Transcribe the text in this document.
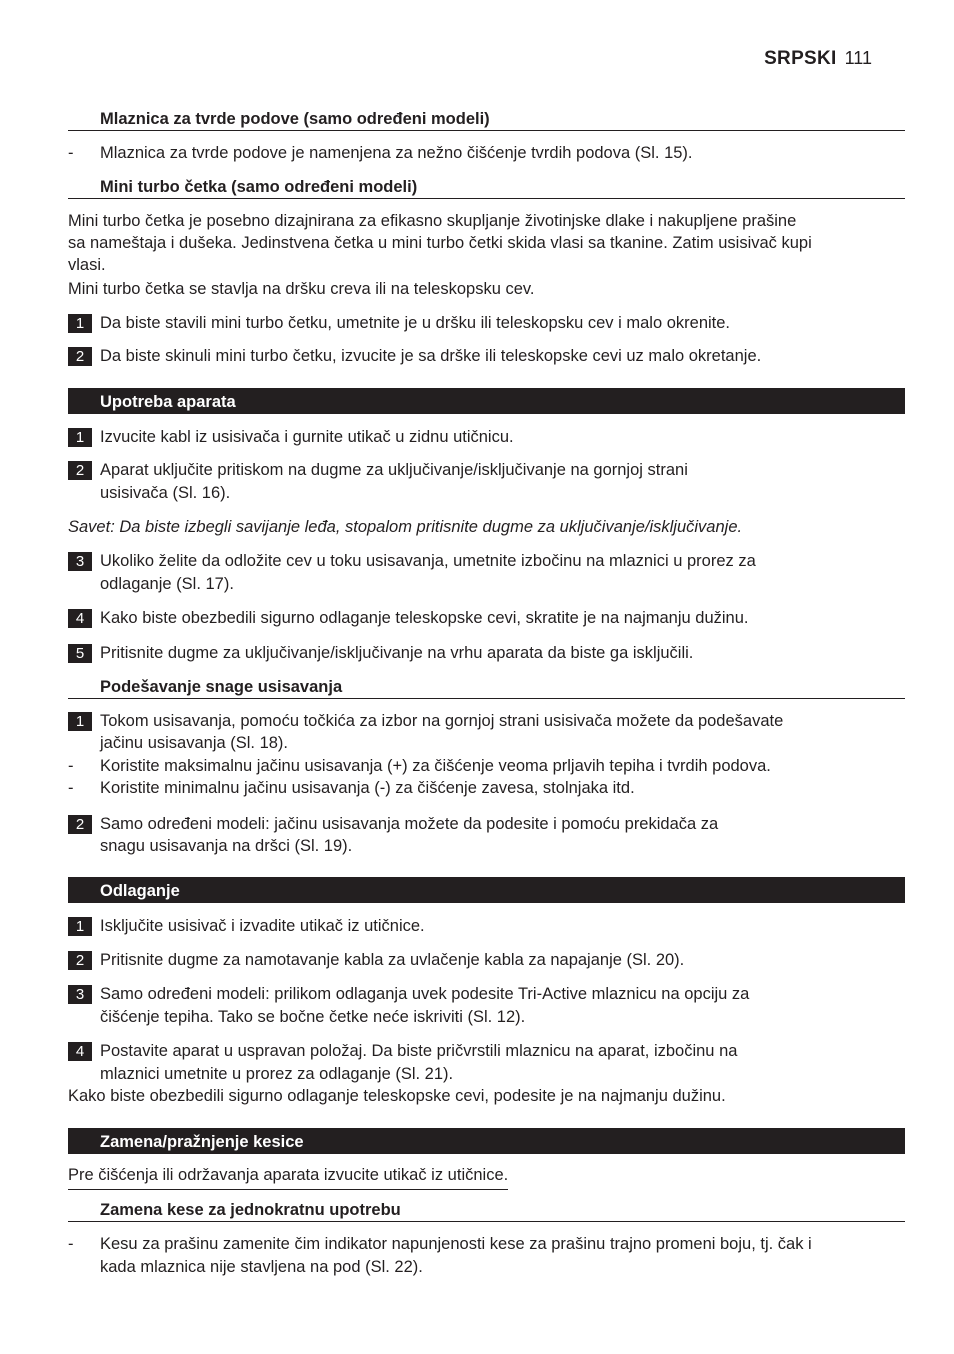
SRPSKI 111
Mlaznica za tvrde podove (samo određeni modeli)
- Mlaznica za tvrde podove je namenjena za nežno čišćenje tvrdih podova (Sl. 15).
Mini turbo četka (samo određeni modeli)
Mini turbo četka je posebno dizajnirana za efikasno skupljanje životinjske dlake i nakupljene prašine
sa nameštaja i dušeka. Jedinstvena četka u mini turbo četki skida vlasi sa tkanine. Zatim usisivač kupi
vlasi.
Mini turbo četka se stavlja na dršku creva ili na teleskopsku cev.
1 Da biste stavili mini turbo četku, umetnite je u dršku ili teleskopsku cev i malo okrenite.
2 Da biste skinuli mini turbo četku, izvucite je sa drške ili teleskopske cevi uz malo okretanje.
Upotreba aparata
1 Izvucite kabl iz usisivača i gurnite utikač u zidnu utičnicu.
2 Aparat uključite pritiskom na dugme za uključivanje/isključivanje na gornjoj strani
usisivača (Sl. 16).
Savet: Da biste izbegli savijanje leđa, stopalom pritisnite dugme za uključivanje/isključivanje.
3 Ukoliko želite da odložite cev u toku usisavanja, umetnite izbočinu na mlaznici u prorez za
odlaganje (Sl. 17).
4 Kako biste obezbedili sigurno odlaganje teleskopske cevi, skratite je na najmanju dužinu.
5 Pritisnite dugme za uključivanje/isključivanje na vrhu aparata da biste ga isključili.
Podešavanje snage usisavanja
1 Tokom usisavanja, pomoću točkića za izbor na gornjoj strani usisivača možete da podešavate
jačinu usisavanja (Sl. 18).
- Koristite maksimalnu jačinu usisavanja (+) za čišćenje veoma prljavih tepiha i tvrdih podova.
- Koristite minimalnu jačinu usisavanja (-) za čišćenje zavesa, stolnjaka itd.
2 Samo određeni modeli: jačinu usisavanja možete da podesite i pomoću prekidača za
snagu usisavanja na dršci (Sl. 19).
Odlaganje
1 Isključite usisivač i izvadite utikač iz utičnice.
2 Pritisnite dugme za namotavanje kabla za uvlačenje kabla za napajanje (Sl. 20).
3 Samo određeni modeli: prilikom odlaganja uvek podesite Tri-Active mlaznicu na opciju za
čišćenje tepiha. Tako se bočne četke neće iskriviti (Sl. 12).
4 Postavite aparat u uspravan položaj. Da biste pričvrstili mlaznicu na aparat, izbočinu na
mlaznici umetnite u prorez za odlaganje (Sl. 21).
Kako biste obezbedili sigurno odlaganje teleskopske cevi, podesite je na najmanju dužinu.
Zamena/pražnjenje kesice
Pre čišćenja ili održavanja aparata izvucite utikač iz utičnice.
Zamena kese za jednokratnu upotrebu
- Kesu za prašinu zamenite čim indikator napunjenosti kese za prašinu trajno promeni boju, tj. čak i
kada mlaznica nije stavljena na pod (Sl. 22).
